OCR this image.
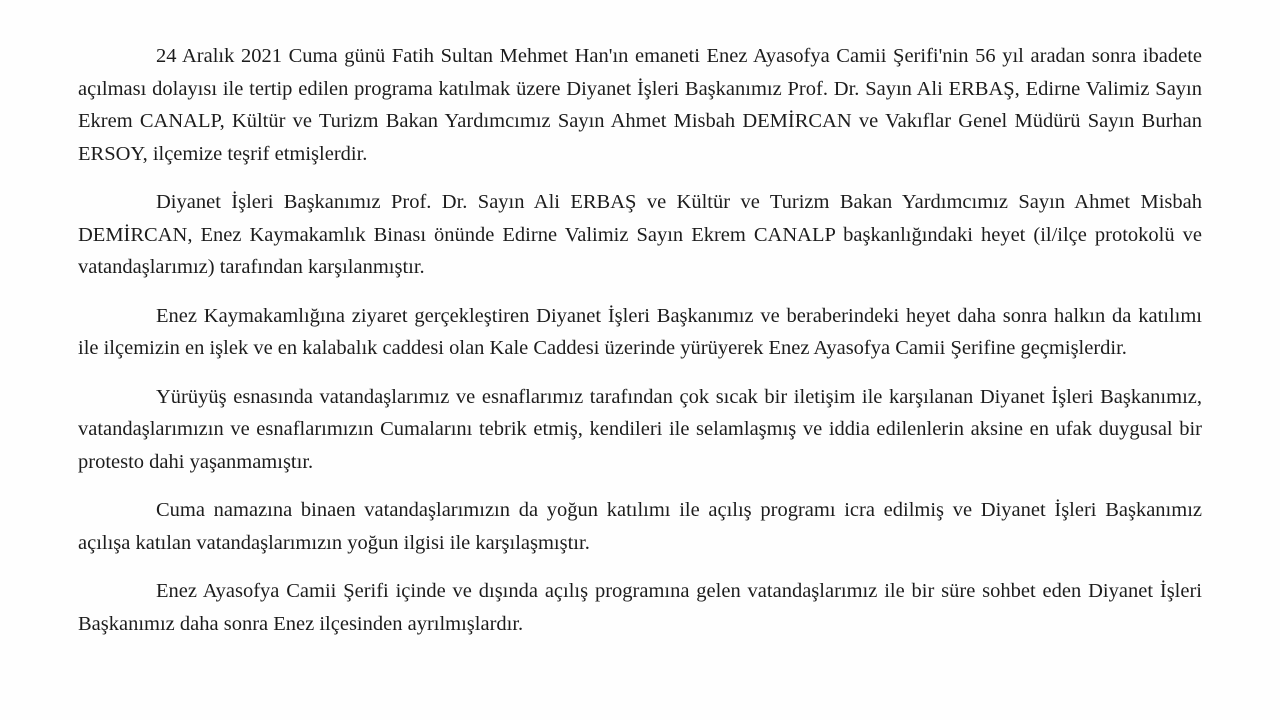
24 Aralık 2021 Cuma günü Fatih Sultan Mehmet Han'ın emaneti Enez Ayasofya Camii Şerifi'nin 56 yıl aradan sonra ibadete açılması dolayısı ile tertip edilen programa katılmak üzere Diyanet İşleri Başkanımız Prof. Dr. Sayın Ali ERBAŞ, Edirne Valimiz Sayın Ekrem CANALP, Kültür ve Turizm Bakan Yardımcımız Sayın Ahmet Misbah DEMİRCAN ve Vakıflar Genel Müdürü Sayın Burhan ERSOY, ilçemize teşrif etmişlerdir.

Diyanet İşleri Başkanımız Prof. Dr. Sayın Ali ERBAŞ ve Kültür ve Turizm Bakan Yardımcımız Sayın Ahmet Misbah DEMİRCAN, Enez Kaymakamlık Binası önünde Edirne Valimiz Sayın Ekrem CANALP başkanlığındaki heyet (il/ilçe protokolü ve vatandaşlarımız) tarafından karşılanmıştır.

Enez Kaymakamlığına ziyaret gerçekleştiren Diyanet İşleri Başkanımız ve beraberindeki heyet daha sonra halkın da katılımı ile ilçemizin en işlek ve en kalabalık caddesi olan Kale Caddesi üzerinde yürüyerek Enez Ayasofya Camii Şerifine geçmişlerdir.

Yürüyüş esnasında vatandaşlarımız ve esnaflarımız tarafından çok sıcak bir iletişim ile karşılanan Diyanet İşleri Başkanımız, vatandaşlarımızın ve esnaflarımızın Cumalarını tebrik etmiş, kendileri ile selamlaşmış ve iddia edilenlerin aksine en ufak duygusal bir protesto dahi yaşanmamıştır.

Cuma namazına binaen vatandaşlarımızın da yoğun katılımı ile açılış programı icra edilmiş ve Diyanet İşleri Başkanımız açılışa katılan vatandaşlarımızın yoğun ilgisi ile karşılaşmıştır.

Enez Ayasofya Camii Şerifi içinde ve dışında açılış programına gelen vatandaşlarımız ile bir süre sohbet eden Diyanet İşleri Başkanımız daha sonra Enez ilçesinden ayrılmışlardır.
